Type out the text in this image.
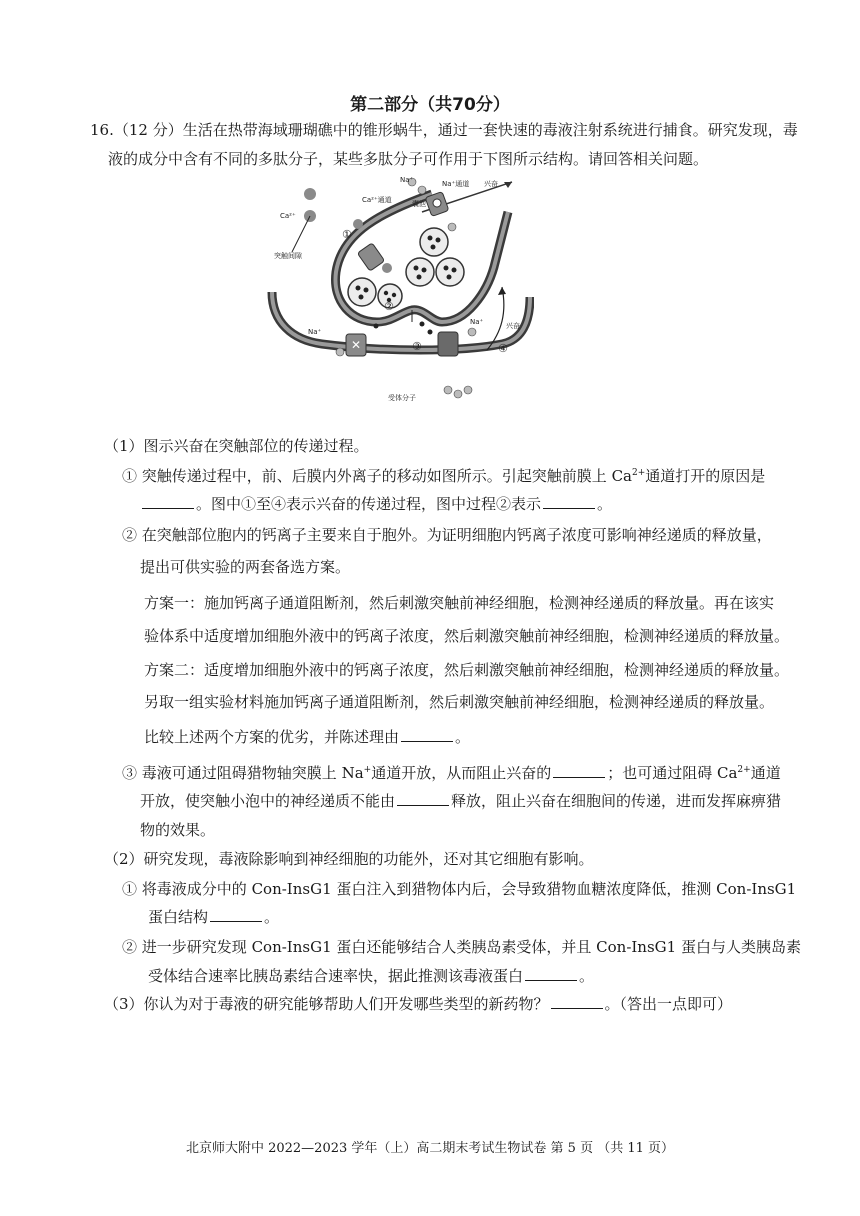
第二部分（共70分）
16.（12 分）生活在热带海域珊瑚礁中的锥形蜗牛，通过一套快速的毒液注射系统进行捕食。研究发现，毒
液的成分中含有不同的多肽分子，某些多肽分子可作用于下图所示结构。请回答相关问题。
兴奋
✕
Na⁺	Na⁺通道
Ca²⁺通道	囊泡
Ca²⁺
突触间隙
Na⁺
Na⁺	兴奋
受体分子
①
②
③	④
（1）图示兴奋在突触部位的传递过程。
① 突触传递过程中，前、后膜内外离子的移动如图所示。引起突触前膜上 $Ca^{2+}$通道打开的原因是
。图中①至④表示兴奋的传递过程，图中过程②表示	。
② 在突触部位胞内的钙离子主要来自于胞外。为证明细胞内钙离子浓度可影响神经递质的释放量，
提出可供实验的两套备选方案。
方案一：施加钙离子通道阻断剂，然后刺激突触前神经细胞，检测神经递质的释放量。再在该实
验体系中适度增加细胞外液中的钙离子浓度，然后刺激突触前神经细胞，检测神经递质的释放量。
方案二：适度增加细胞外液中的钙离子浓度，然后刺激突触前神经细胞，检测神经递质的释放量。
另取一组实验材料施加钙离子通道阻断剂，然后刺激突触前神经细胞，检测神经递质的释放量。
比较上述两个方案的优劣，并陈述理由	。
③ 毒液可通过阻碍猎物轴突膜上 Na+通道开放，从而阻止兴奋的	；也可通过阻碍 $Ca^{2+}$通道
开放，使突触小泡中的神经递质不能由	释放，阻止兴奋在细胞间的传递，进而发挥麻痹猎
物的效果。
（2）研究发现，毒液除影响到神经细胞的功能外，还对其它细胞有影响。
① 将毒液成分中的 Con-InsG1 蛋白注入到猎物体内后，会导致猎物血糖浓度降低，推测 Con-InsG1
蛋白结构	。
② 进一步研究发现 Con-InsG1 蛋白还能够结合人类胰岛素受体，并且 Con-InsG1 蛋白与人类胰岛素
受体结合速率比胰岛素结合速率快，据此推测该毒液蛋白	。
（3）你认为对于毒液的研究能够帮助人们开发哪些类型的新药物？	。（答出一点即可）
北京师大附中 2022—2023 学年（上）高二期末考试生物试卷 第 5 页 （共 11 页）
